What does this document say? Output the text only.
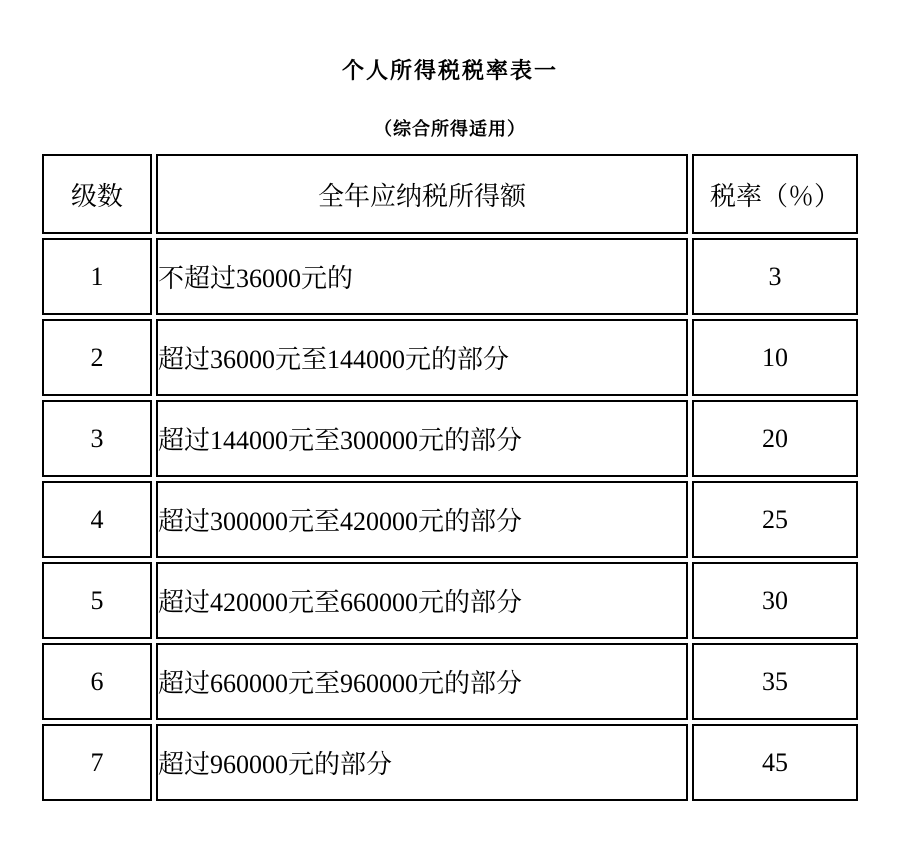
个人所得税税率表一
（综合所得适用）
级数	全年应纳税所得额	税率（％）
1	不超过36000元的	3
2	超过36000元至144000元的部分	10
3	超过144000元至300000元的部分	20
4	超过300000元至420000元的部分	25
5	超过420000元至660000元的部分	30
6	超过660000元至960000元的部分	35
7	超过960000元的部分	45
